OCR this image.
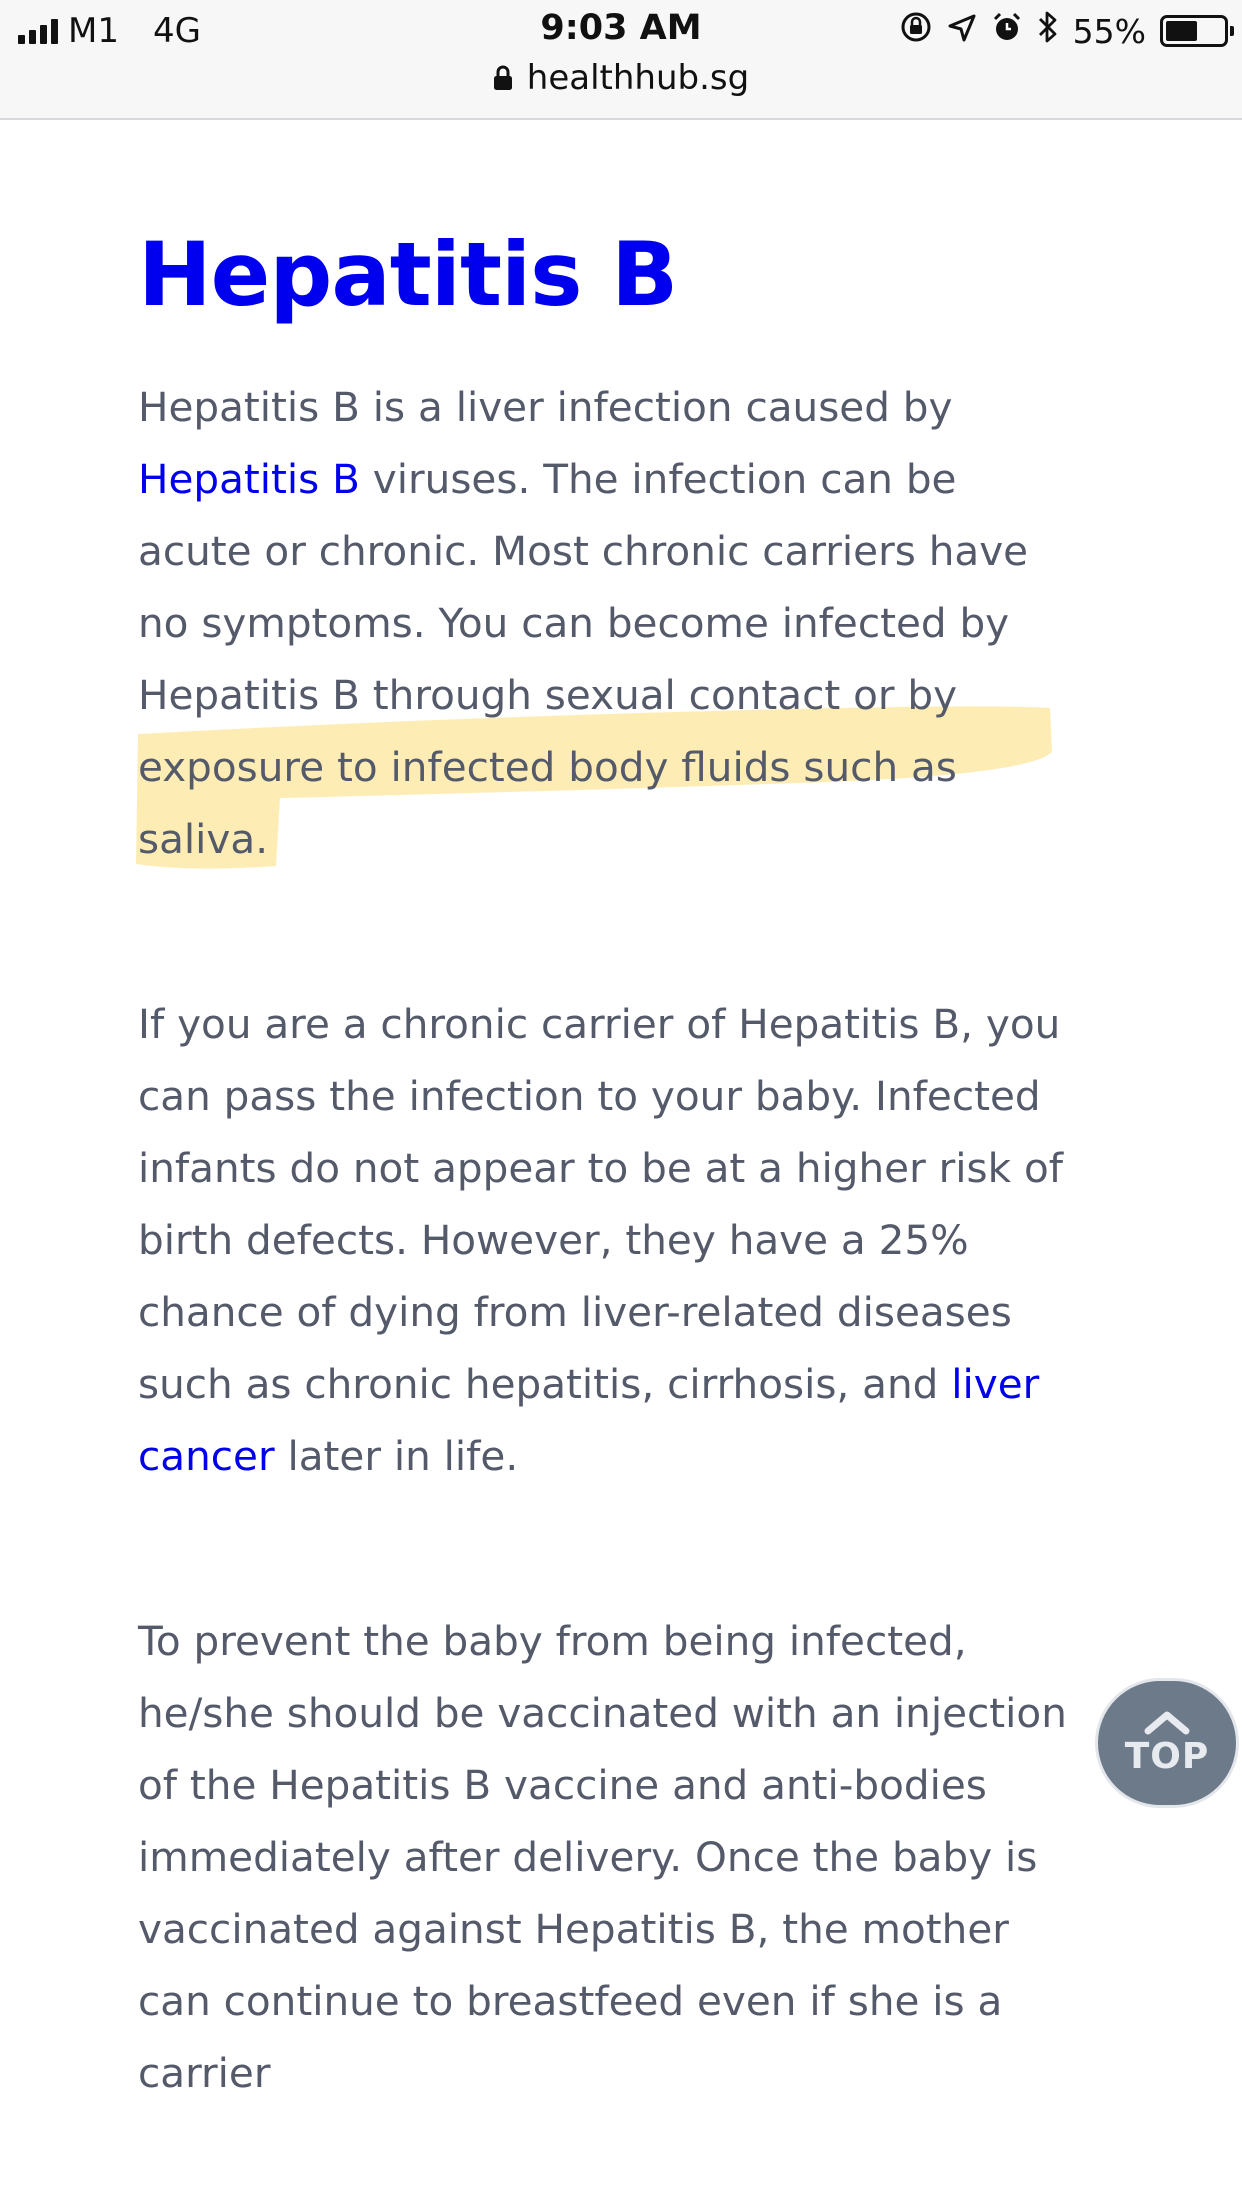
M1 4G	9:03 AM	55%
healthhub.sg
Hepatitis B
Hepatitis B is a liver infection caused by
Hepatitis B viruses. The infection can be
acute or chronic. Most chronic carriers have
no symptoms. You can become infected by
Hepatitis B through sexual contact or by
exposure to infected body fluids such as
saliva.
If you are a chronic carrier of Hepatitis B, you
can pass the infection to your baby. Infected
infants do not appear to be at a higher risk of
birth defects. However, they have a 25%
chance of dying from liver-related diseases
such as chronic hepatitis, cirrhosis, and liver
cancer later in life.
To prevent the baby from being infected,
he/she should be vaccinated with an injection
of the Hepatitis B vaccine and anti-bodies
immediately after delivery. Once the baby is
vaccinated against Hepatitis B, the mother
can continue to breastfeed even if she is a
carrier
TOP
